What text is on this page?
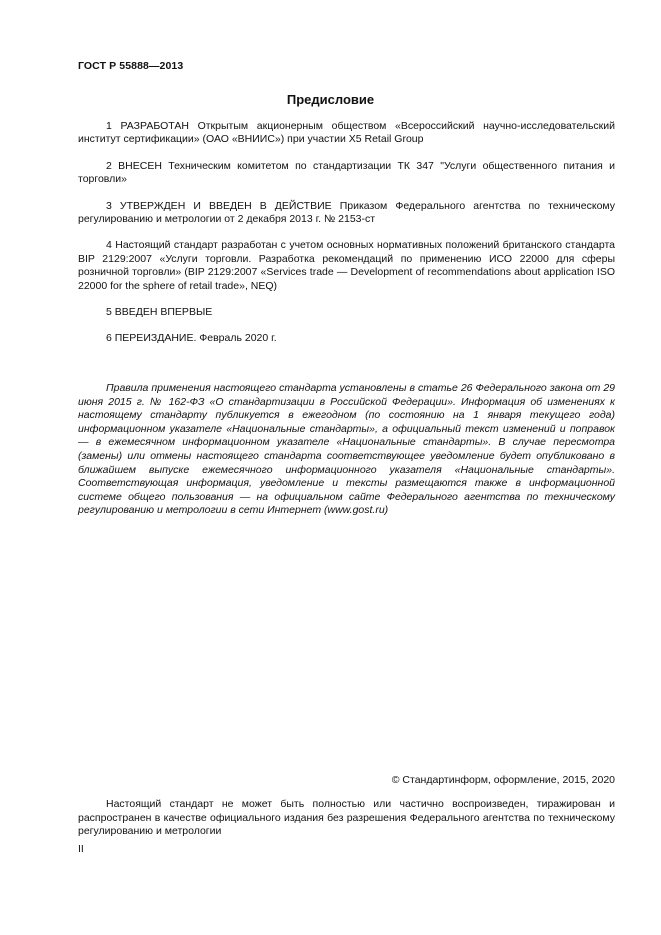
ГОСТ Р 55888—2013
Предисловие

1 РАЗРАБОТАН Открытым акционерным обществом «Всероссийский научно-исследовательский институт сертификации» (ОАО «ВНИИС») при участии X5 Retail Group

2 ВНЕСЕН Техническим комитетом по стандартизации ТК 347 "Услуги общественного питания и торговли»

3 УТВЕРЖДЕН И ВВЕДЕН В ДЕЙСТВИЕ Приказом Федерального агентства по техническому регулированию и метрологии от 2 декабря 2013 г. № 2153-ст

4 Настоящий стандарт разработан с учетом основных нормативных положений британского стандарта BIP 2129:2007 «Услуги торговли. Разработка рекомендаций по применению ИСО 22000 для сферы розничной торговли» (BIP 2129:2007 «Services trade — Development of recommendations about application ISO 22000 for the sphere of retail trade», NEQ)

5 ВВЕДЕН ВПЕРВЫЕ

6 ПЕРЕИЗДАНИЕ. Февраль 2020 г.

Правила применения настоящего стандарта установлены в статье 26 Федерального закона от 29 июня 2015 г. № 162-ФЗ «О стандартизации в Российской Федерации». Информация об изменениях к настоящему стандарту публикуется в ежегодном (по состоянию на 1 января текущего года) информационном указателе «Национальные стандарты», а официальный текст изменений и поправок — в ежемесячном информационном указателе «Национальные стандарты». В случае пересмотра (замены) или отмены настоящего стандарта соответствующее уведомление будет опубликовано в ближайшем выпуске ежемесячного информационного указателя «Национальные стандарты». Соответствующая информация, уведомление и тексты размещаются также в информационной системе общего пользования — на официальном сайте Федерального агентства по техническому регулированию и метрологии в сети Интернет (www.gost.ru)

© Стандартинформ, оформление, 2015, 2020

Настоящий стандарт не может быть полностью или частично воспроизведен, тиражирован и распространен в качестве официального издания без разрешения Федерального агентства по техническому регулированию и метрологии

II
